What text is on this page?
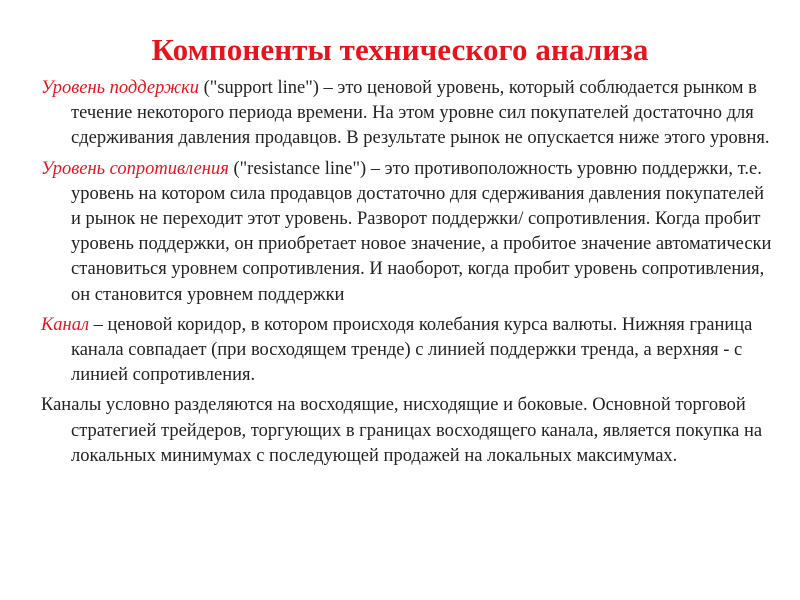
Компоненты технического анализа

Уровень поддержки ("support line") – это ценовой уровень, который соблюдается рынком в течение некоторого периода времени. На этом уровне сил покупателей достаточно для сдерживания давления продавцов. В результате рынок не опускается ниже этого уровня.

Уровень сопротивления ("resistance line") – это противоположность уровню поддержки, т.е. уровень на котором сила продавцов достаточно для сдерживания давления покупателей и рынок не переходит этот уровень. Разворот поддержки/ сопротивления. Когда пробит уровень поддержки, он приобретает новое значение, а пробитое значение автоматически становиться уровнем сопротивления. И наоборот, когда пробит уровень сопротивления, он становится уровнем поддержки

Канал – ценовой коридор, в котором происходя колебания курса валюты. Нижняя граница канала совпадает (при восходящем тренде) с линией поддержки тренда, а верхняя - с линией сопротивления.

Каналы условно разделяются на восходящие, нисходящие и боковые. Основной торговой стратегией трейдеров, торгующих в границах восходящего канала, является покупка на локальных минимумах с последующей продажей на локальных максимумах.
